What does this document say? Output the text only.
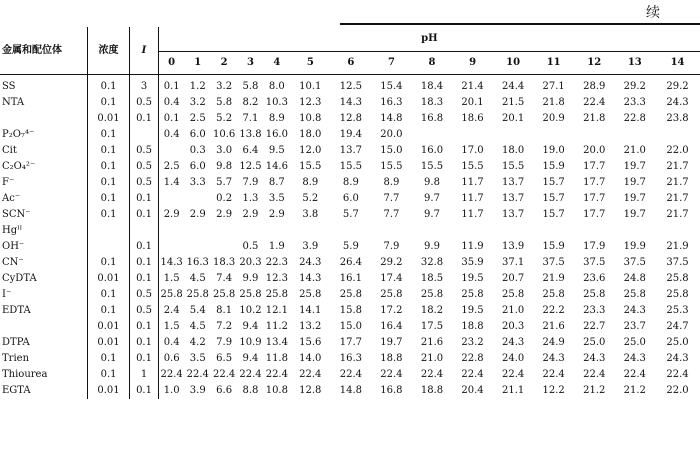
续
金属和配位体	浓度	I	pH														
			0	1	2	3	4	5	6	7	8	9	10	11	12	13	14
SS	0.1	3	0.1	1.2	3.2	5.8	8.0	10.1	12.5	15.4	18.4	21.4	24.4	27.1	28.9	29.2	29.2
NTA	0.1	0.5	0.4	3.2	5.8	8.2	10.3	12.3	14.3	16.3	18.3	20.1	21.5	21.8	22.4	23.3	24.3
	0.01	0.1	0.1	2.5	5.2	7.1	8.9	10.8	12.8	14.8	16.8	18.6	20.1	20.9	21.8	22.8	23.8
P₂O₇⁴⁻	0.1		0.4	6.0	10.6	13.8	16.0	18.0	19.4	20.0							
Cit	0.1	0.5		0.3	3.0	6.4	9.5	12.0	13.7	15.0	16.0	17.0	18.0	19.0	20.0	21.0	22.0
C₂O₄²⁻	0.1	0.5	2.5	6.0	9.8	12.5	14.6	15.5	15.5	15.5	15.5	15.5	15.5	15.9	17.7	19.7	21.7
F⁻	0.1	0.5	1.4	3.3	5.7	7.9	8.7	8.9	8.9	8.9	9.8	11.7	13.7	15.7	17.7	19.7	21.7
Ac⁻	0.1	0.1			0.2	1.3	3.5	5.2	6.0	7.7	9.7	11.7	13.7	15.7	17.7	19.7	21.7
SCN⁻	0.1	0.1	2.9	2.9	2.9	2.9	2.9	3.8	5.7	7.7	9.7	11.7	13.7	15.7	17.7	19.7	21.7
Hgᴵᴵ																	
OH⁻		0.1				0.5	1.9	3.9	5.9	7.9	9.9	11.9	13.9	15.9	17.9	19.9	21.9
CN⁻	0.1	0.1	14.3	16.3	18.3	20.3	22.3	24.3	26.4	29.2	32.8	35.9	37.1	37.5	37.5	37.5	37.5
CyDTA	0.01	0.1	1.5	4.5	7.4	9.9	12.3	14.3	16.1	17.4	18.5	19.5	20.7	21.9	23.6	24.8	25.8
I⁻	0.1	0.5	25.8	25.8	25.8	25.8	25.8	25.8	25.8	25.8	25.8	25.8	25.8	25.8	25.8	25.8	25.8
EDTA	0.1	0.5	2.4	5.4	8.1	10.2	12.1	14.1	15.8	17.2	18.2	19.5	21.0	22.2	23.3	24.3	25.3
	0.01	0.1	1.5	4.5	7.2	9.4	11.2	13.2	15.0	16.4	17.5	18.8	20.3	21.6	22.7	23.7	24.7
DTPA	0.01	0.1	0.4	4.2	7.9	10.9	13.4	15.6	17.7	19.7	21.6	23.2	24.3	24.9	25.0	25.0	25.0
Trien	0.1	0.1	0.6	3.5	6.5	9.4	11.8	14.0	16.3	18.8	21.0	22.8	24.0	24.3	24.3	24.3	24.3
Thiourea	0.1	1	22.4	22.4	22.4	22.4	22.4	22.4	22.4	22.4	22.4	22.4	22.4	22.4	22.4	22.4	22.4
EGTA	0.01	0.1	1.0	3.9	6.6	8.8	10.8	12.8	14.8	16.8	18.8	20.4	21.1	12.2	21.2	21.2	22.0
